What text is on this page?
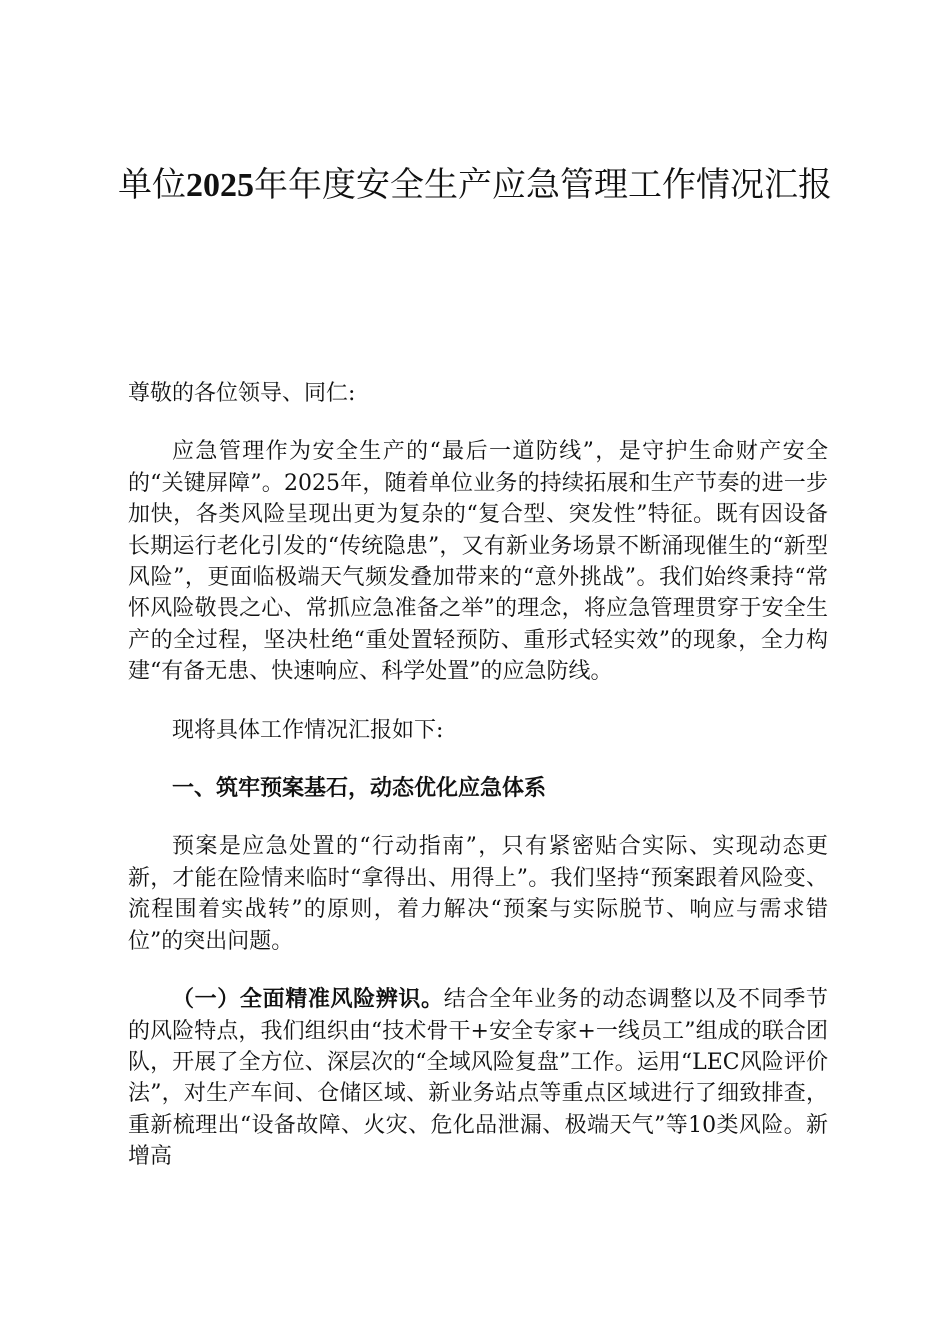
单位2025年年度安全生产应急管理工作情况汇报

尊敬的各位领导、同仁:

应急管理作为安全生产的“最后一道防线”，是守护生命财产安全的“关键屏障”。2025年，随着单位业务的持续拓展和生产节奏的进一步加快，各类风险呈现出更为复杂的“复合型、突发性”特征。既有因设备长期运行老化引发的“传统隐患”，又有新业务场景不断涌现催生的“新型风险”，更面临极端天气频发叠加带来的“意外挑战”。我们始终秉持“常怀风险敬畏之心、常抓应急准备之举”的理念，将应急管理贯穿于安全生产的全过程，坚决杜绝“重处置轻预防、重形式轻实效”的现象，全力构建“有备无患、快速响应、科学处置”的应急防线。

现将具体工作情况汇报如下:

一、筑牢预案基石，动态优化应急体系

预案是应急处置的“行动指南”，只有紧密贴合实际、实现动态更新，才能在险情来临时“拿得出、用得上”。我们坚持“预案跟着风险变、流程围着实战转”的原则，着力解决“预案与实际脱节、响应与需求错位”的突出问题。

（一）全面精准风险辨识。结合全年业务的动态调整以及不同季节的风险特点，我们组织由“技术骨干+安全专家+一线员工”组成的联合团队，开展了全方位、深层次的“全域风险复盘”工作。运用“LEC风险评价法”，对生产车间、仓储区域、新业务站点等重点区域进行了细致排查，重新梳理出“设备故障、火灾、危化品泄漏、极端天气”等10类风险。新增高
